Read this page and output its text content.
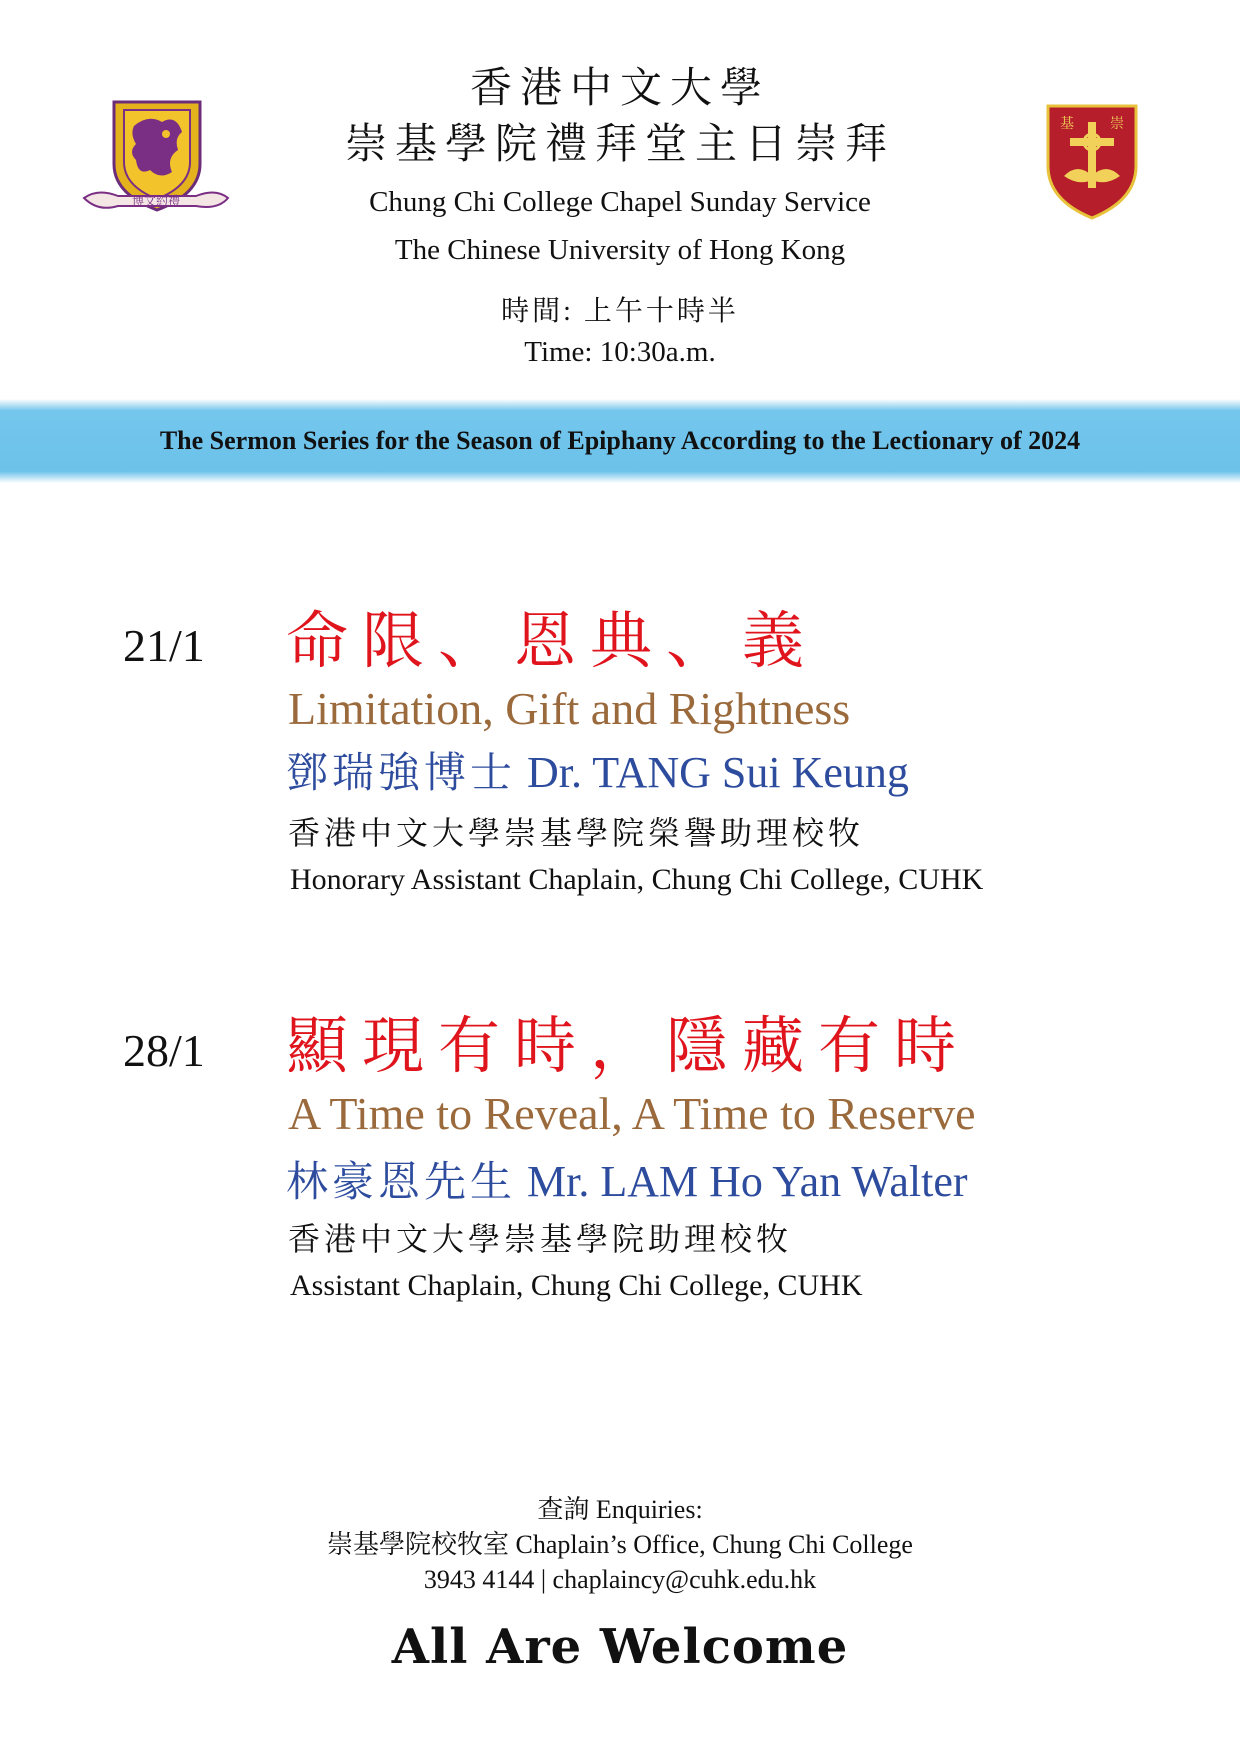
博文約禮
基	崇
香港中文大學
崇基學院禮拜堂主日崇拜
Chung Chi College Chapel Sunday Service
The Chinese University of Hong Kong
時間: 上午十時半
Time: 10:30a.m.
The Sermon Series for the Season of Epiphany According to the Lectionary of 2024
21/1 命限、恩典、義
Limitation, Gift and Rightness
鄧瑞強博士 Dr. TANG Sui Keung
香港中文大學崇基學院榮譽助理校牧
Honorary Assistant Chaplain, Chung Chi College, CUHK
28/1 顯現有時，隱藏有時
A Time to Reveal, A Time to Reserve
林豪恩先生 Mr. LAM Ho Yan Walter
香港中文大學崇基學院助理校牧
Assistant Chaplain, Chung Chi College, CUHK
查詢 Enquiries:
崇基學院校牧室 Chaplain’s Office, Chung Chi College
3943 4144 | chaplaincy@cuhk.edu.hk
All Are Welcome
